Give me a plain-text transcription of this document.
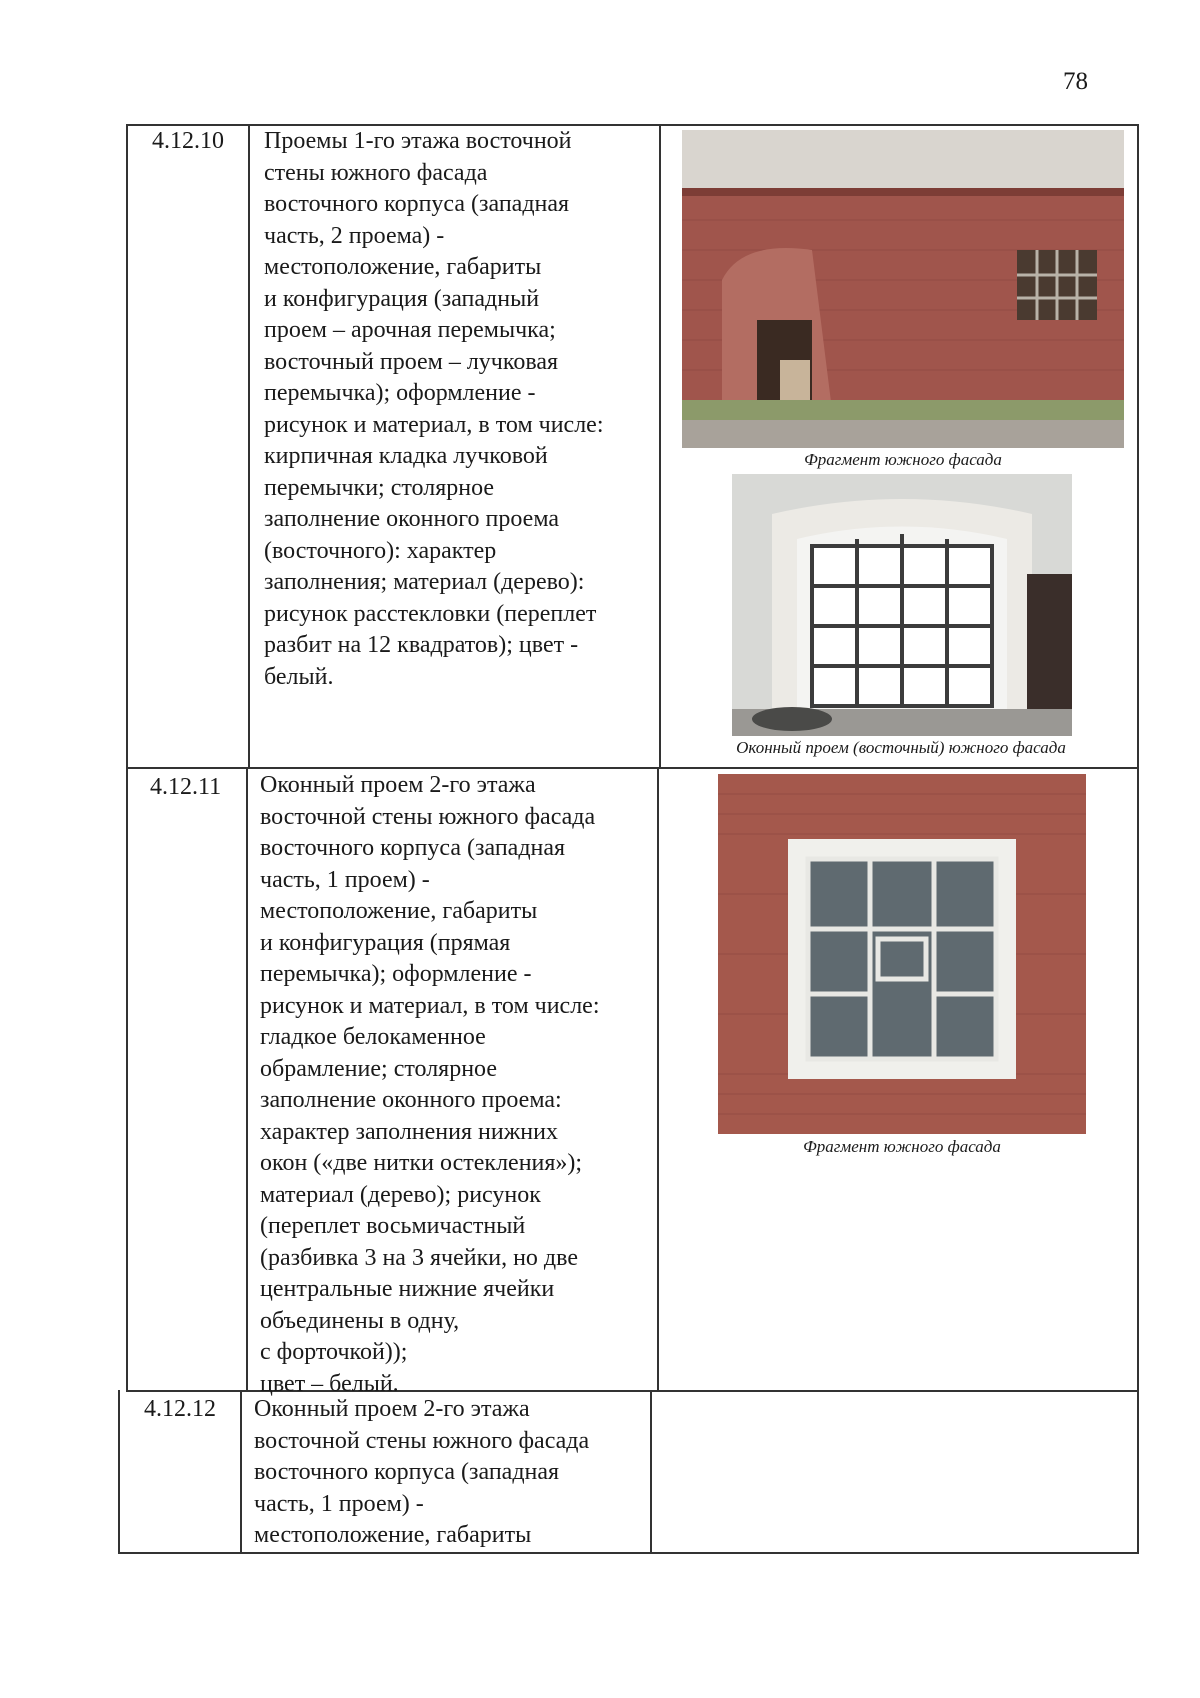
78
4.12.10 Проемы 1-го этажа восточной
стены южного фасада
восточного корпуса (западная
часть, 2 проема) -
местоположение, габариты
и конфигурация (западный
проем – арочная перемычка;
восточный проем – лучковая
перемычка); оформление -
рисунок и материал, в том числе:
кирпичная кладка лучковой
перемычки; столярное
заполнение оконного проема
(восточного): характер
заполнения; материал (дерево):
рисунок расстекловки (переплет
разбит на 12 квадратов); цвет -
белый.
Фрагмент южного фасада
Оконный проем (восточный) южного фасада
4.12.11 Оконный проем 2-го этажа
восточной стены южного фасада
восточного корпуса (западная
часть, 1 проем) -
местоположение, габариты
и конфигурация (прямая
перемычка); оформление -
рисунок и материал, в том числе:
гладкое белокаменное
обрамление; столярное
заполнение оконного проема:
характер заполнения нижних
окон («две нитки остекления»);
материал (дерево); рисунок
(переплет восьмичастный
(разбивка 3 на 3 ячейки, но две
центральные нижние ячейки
объединены в одну,
с форточкой));
цвет – белый.
Фрагмент южного фасада
4.12.12 Оконный проем 2-го этажа
восточной стены южного фасада
восточного корпуса (западная
часть, 1 проем) -
местоположение, габариты
